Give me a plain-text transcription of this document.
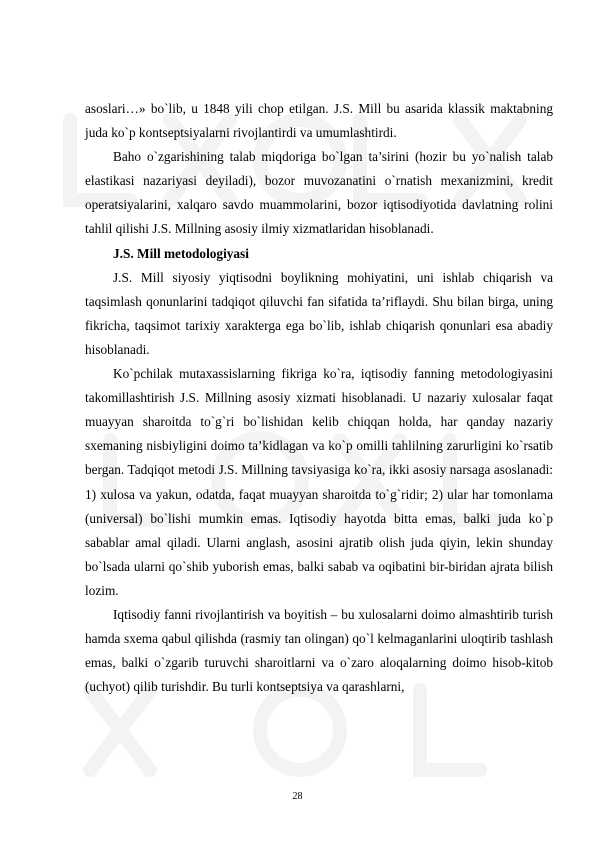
asoslari…» bo`lib, u 1848 yili chop etilgan. J.S. Mill bu asarida klassik maktabning juda ko`p kontseptsiyalarni rivojlantirdi va umumlashtirdi.

Baho o`zgarishining talab miqdoriga bo`lgan ta’sirini (hozir bu yo`nalish talab elastikasi nazariyasi deyiladi), bozor muvozanatini o`rnatish mexanizmini, kredit operatsiyalarini, xalqaro savdo muammolarini, bozor iqtisodiyotida davlatning rolini tahlil qilishi J.S. Millning asosiy ilmiy xizmatlaridan hisoblanadi.

J.S. Mill metodologiyasi

J.S. Mill siyosiy yiqtisodni boylikning mohiyatini, uni ishlab chiqarish va taqsimlash qonunlarini tadqiqot qiluvchi fan sifatida ta’riflaydi. Shu bilan birga, uning fikricha, taqsimot tarixiy xarakterga ega bo`lib, ishlab chiqarish qonunlari esa abadiy hisoblanadi.

Ko`pchilak mutaxassislarning fikriga ko`ra, iqtisodiy fanning metodologiyasini takomillashtirish J.S. Millning asosiy xizmati hisoblanadi. U nazariy xulosalar faqat muayyan sharoitda to`g`ri bo`lishidan kelib chiqqan holda, har qanday nazariy sxemaning nisbiyligini doimo ta’kidlagan va ko`p omilli tahlilning zarurligini ko`rsatib bergan. Tadqiqot metodi J.S. Millning tavsiyasiga ko`ra, ikki asosiy narsaga asoslanadi: 1) xulosa va yakun, odatda, faqat muayyan sharoitda to`g`ridir; 2) ular har tomonlama (universal) bo`lishi mumkin emas. Iqtisodiy hayotda bitta emas, balki juda ko`p sabablar amal qiladi. Ularni anglash, asosini ajratib olish juda qiyin, lekin shunday bo`lsada ularni qo`shib yuborish emas, balki sabab va oqibatini bir-biridan ajrata bilish lozim.

Iqtisodiy fanni rivojlantirish va boyitish – bu xulosalarni doimo almashtirib turish hamda sxema qabul qilishda (rasmiy tan olingan) qo`l kelmaganlarini uloqtirib tashlash emas, balki o`zgarib turuvchi sharoitlarni va o`zaro aloqalarning doimo hisob-kitob (uchyot) qilib turishdir. Bu turli kontseptsiya va qarashlarni,

28
